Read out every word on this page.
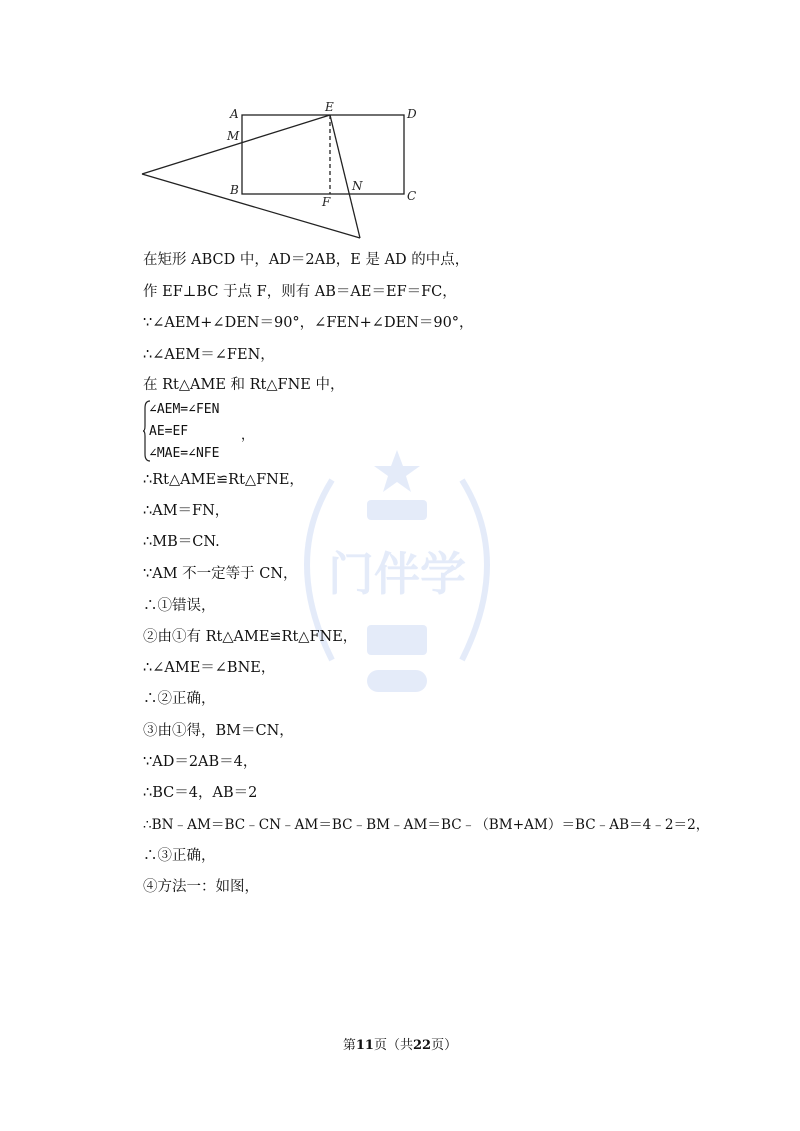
门伴学
A	E	D
M
B
F
N
C
在矩形 ABCD 中，AD＝2AB，E 是 AD 的中点，
作 EF⊥BC 于点 F，则有 AB＝AE＝EF＝FC，
∵∠AEM+∠DEN＝90°，∠FEN+∠DEN＝90°，
∴∠AEM＝∠FEN，
在 Rt△AME 和 Rt△FNE 中，
∠AEM=∠FEN
AE=EF
∠MAE=∠NFE
，
∴Rt△AME≌Rt△FNE，
∴AM＝FN，
∴MB＝CN.
∵AM 不一定等于 CN，
∴①错误，
②由①有 Rt△AME≌Rt△FNE，
∴∠AME＝∠BNE，
∴②正确，
③由①得，BM＝CN，
∵AD＝2AB＝4，
∴BC＝4，AB＝2
∴BN﹣AM＝BC﹣CN﹣AM＝BC﹣BM﹣AM＝BC﹣（BM+AM）＝BC﹣AB＝4﹣2＝2，
∴③正确，
④方法一：如图，
第11页（共22页）
